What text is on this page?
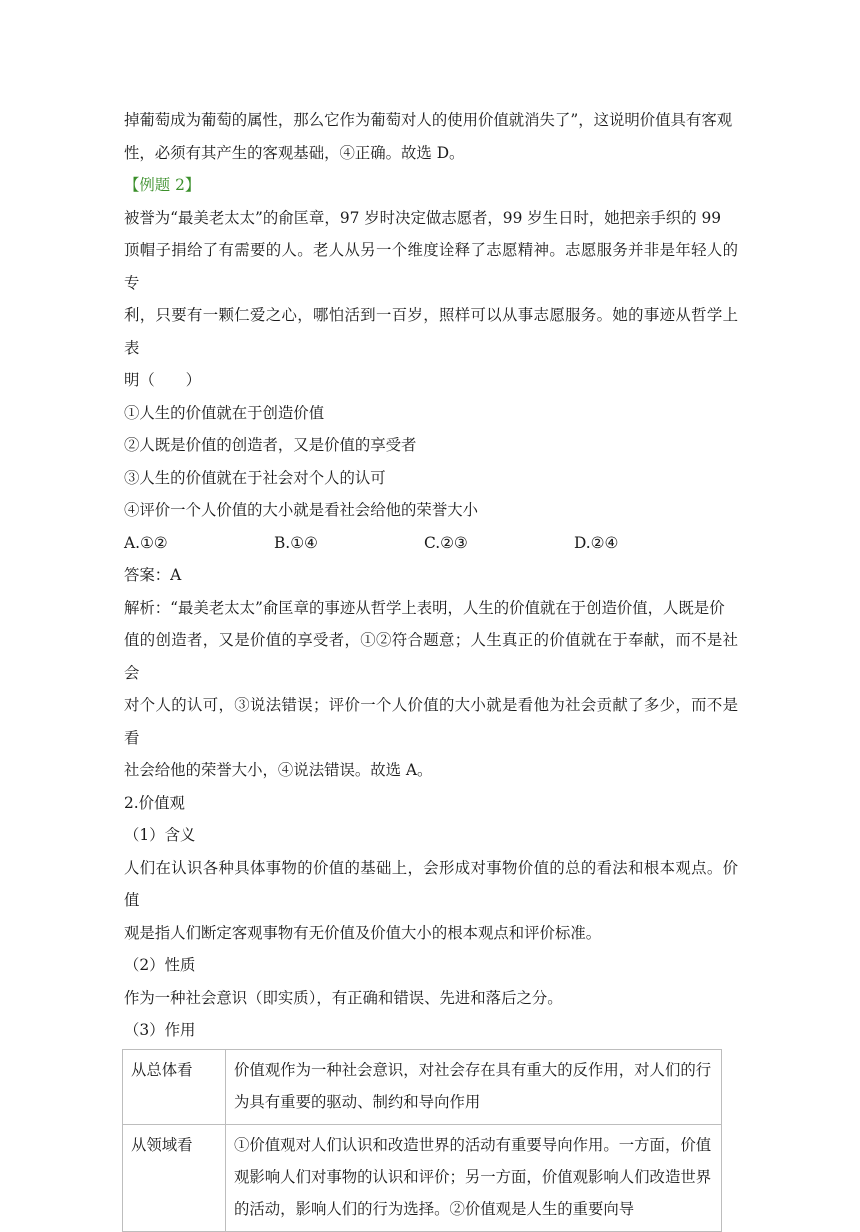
掉葡萄成为葡萄的属性，那么它作为葡萄对人的使用价值就消失了”，这说明价值具有客观

性，必须有其产生的客观基础，④正确。故选 D。

【例题 2】

被誉为“最美老太太”的俞匡章，97 岁时决定做志愿者，99 岁生日时，她把亲手织的 99

顶帽子捐给了有需要的人。老人从另一个维度诠释了志愿精神。志愿服务并非是年轻人的专

利，只要有一颗仁爱之心，哪怕活到一百岁，照样可以从事志愿服务。她的事迹从哲学上表

明（　　）

①人生的价值就在于创造价值

②人既是价值的创造者，又是价值的享受者

③人生的价值就在于社会对个人的认可

④评价一个人价值的大小就是看社会给他的荣誉大小

A.①②	B.①④	C.②③	D.②④

答案：A

解析：“最美老太太”俞匡章的事迹从哲学上表明，人生的价值就在于创造价值，人既是价

值的创造者，又是价值的享受者，①②符合题意；人生真正的价值就在于奉献，而不是社会

对个人的认可，③说法错误；评价一个人价值的大小就是看他为社会贡献了多少，而不是看

社会给他的荣誉大小，④说法错误。故选 A。

2.价值观

（1）含义

人们在认识各种具体事物的价值的基础上，会形成对事物价值的总的看法和根本观点。价值

观是指人们断定客观事物有无价值及价值大小的根本观点和评价标准。

（2）性质

作为一种社会意识（即实质），有正确和错误、先进和落后之分。

（3）作用

从总体看	价值观作为一种社会意识，对社会存在具有重大的反作用，对人们的行为具有重要的驱动、制约和导向作用
从领域看	①价值观对人们认识和改造世界的活动有重要导向作用。一方面，价值观影响人们对事物的认识和评价；另一方面，价值观影响人们改造世界的活动，影响人们的行为选择。②价值观是人生的重要向导
